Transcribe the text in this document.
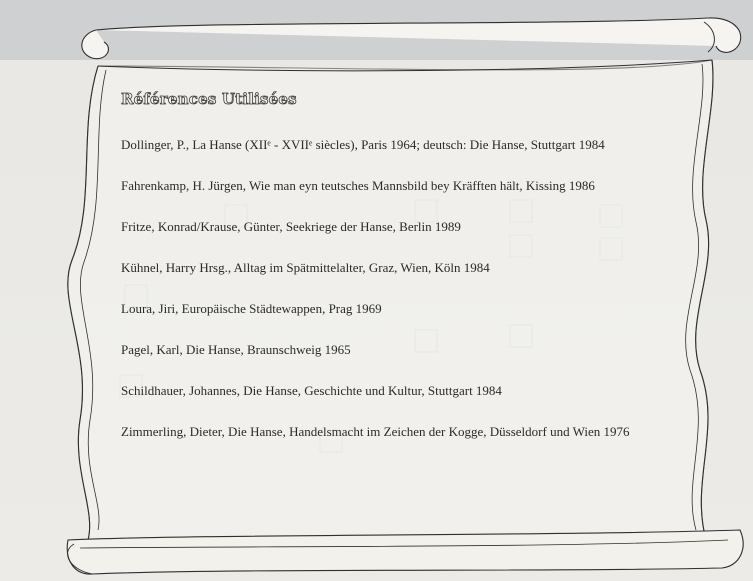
Références Utilisées
Dollinger, P., La Hanse (XIIᵉ - XVIIᵉ siècles), Paris 1964; deutsch: Die Hanse, Stuttgart 1984
Fahrenkamp, H. Jürgen, Wie man eyn teutsches Mannsbild bey Kräfften hält, Kissing 1986
Fritze, Konrad/Krause, Günter, Seekriege der Hanse, Berlin 1989
Kühnel, Harry Hrsg., Alltag im Spätmittelalter, Graz, Wien, Köln 1984
Loura, Jiri, Europäische Städtewappen, Prag 1969
Pagel, Karl, Die Hanse, Braunschweig 1965
Schildhauer, Johannes, Die Hanse, Geschichte und Kultur, Stuttgart 1984
Zimmerling, Dieter, Die Hanse, Handelsmacht im Zeichen der Kogge, Düsseldorf und Wien 1976
